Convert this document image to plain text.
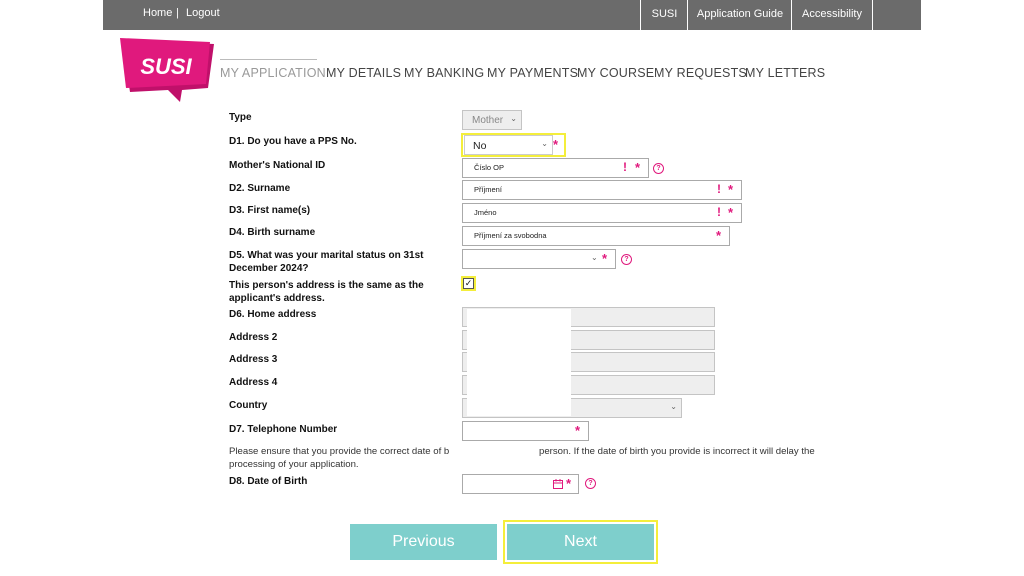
Home | Logout	SUSI	Application Guide	Accessibility
SUSI MY APPLICATION MY DETAILS MY BANKING MY PAYMENTS
MY COURSE MY REQUESTS
MY LETTERS
Type	Mother ⌄
D1. Do you have a PPS No.	No	⌄ *
Mother's National ID	Číslo OP	! *	?
D2. Surname	Příjmení	! *
D3. First name(s)	Jméno	! *
D4. Birth surname	Příjmení za svobodna	*
D5. What was your marital status on 31st
December 2024?
⌄ *	?
This person's address is the same as the
applicant's address.
✓
D6. Home address
Address 2
Address 3
Address 4
Country	⌄
D7. Telephone Number	*
Please ensure that you provide the correct date of b	person. If the date of birth you provide is incorrect it will delay the
processing of your application.
D8. Date of Birth	*	?
Previous	Next
